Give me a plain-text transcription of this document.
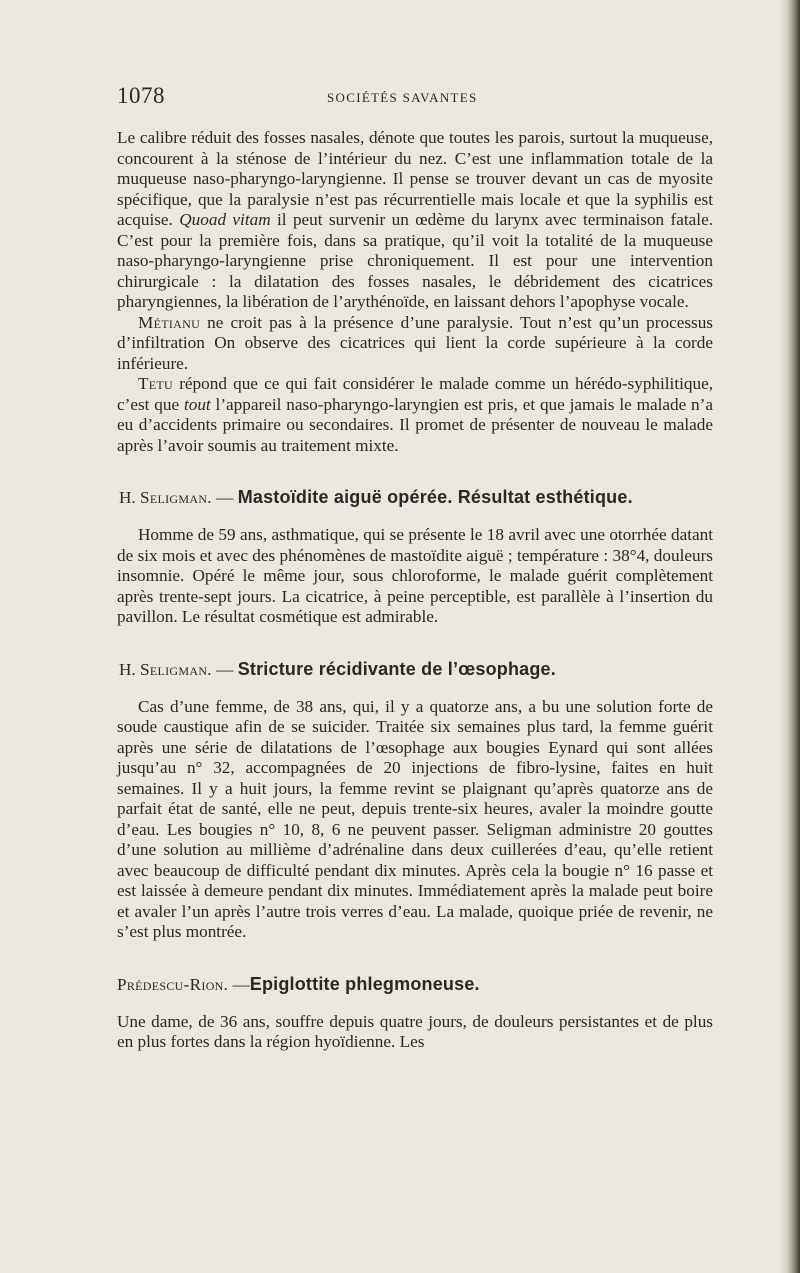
1078	SOCIÉTÉS SAVANTES

Le calibre réduit des fosses nasales, dénote que toutes les parois, surtout la muqueuse, concourent à la sténose de l’intérieur du nez. C’est une inflammation totale de la muqueuse naso-pharyngo-laryngienne. Il pense se trouver devant un cas de myosite spécifique, que la paralysie n’est pas récurrentielle mais locale et que la syphilis est acquise. Quoad vitam il peut survenir un œdème du larynx avec terminaison fatale. C’est pour la première fois, dans sa pratique, qu’il voit la totalité de la muqueuse naso-pharyngo-laryngienne prise chroniquement. Il est pour une intervention chirurgicale : la dilatation des fosses nasales, le débridement des cicatrices pharyngiennes, la libération de l’arythénoïde, en laissant dehors l’apophyse vocale.

Métianu ne croit pas à la présence d’une paralysie. Tout n’est qu’un processus d’infiltration On observe des cicatrices qui lient la corde supérieure à la corde inférieure.

Tetu répond que ce qui fait considérer le malade comme un hérédo-syphilitique, c’est que tout l’appareil naso-pharyngo-laryngien est pris, et que jamais le malade n’a eu d’accidents primaire ou secondaires. Il promet de présenter de nouveau le malade après l’avoir soumis au traitement mixte.

H. Seligman. — Mastoïdite aiguë opérée. Résultat esthétique.

Homme de 59 ans, asthmatique, qui se présente le 18 avril avec une otorrhée datant de six mois et avec des phénomènes de mastoïdite aiguë ; température : 38°4, douleurs insomnie. Opéré le même jour, sous chloroforme, le malade guérit complètement après trente-sept jours. La cicatrice, à peine perceptible, est parallèle à l’insertion du pavillon. Le résultat cosmétique est admirable.

H. Seligman. — Stricture récidivante de l’œsophage.

Cas d’une femme, de 38 ans, qui, il y a quatorze ans, a bu une solution forte de soude caustique afin de se suicider. Traitée six semaines plus tard, la femme guérit après une série de dilatations de l’œsophage aux bougies Eynard qui sont allées jusqu’au n° 32, accompagnées de 20 injections de fibro-lysine, faites en huit semaines. Il y a huit jours, la femme revint se plaignant qu’après quatorze ans de parfait état de santé, elle ne peut, depuis trente-six heures, avaler la moindre goutte d’eau. Les bougies n° 10, 8, 6 ne peuvent passer. Seligman administre 20 gouttes d’une solution au millième d’adrénaline dans deux cuillerées d’eau, qu’elle retient avec beaucoup de difficulté pendant dix minutes. Après cela la bougie n° 16 passe et est laissée à demeure pendant dix minutes. Immédiatement après la malade peut boire et avaler l’un après l’autre trois verres d’eau. La malade, quoique priée de revenir, ne s’est plus montrée.

Prédescu-Rion. —Epiglottite phlegmoneuse.

Une dame, de 36 ans, souffre depuis quatre jours, de douleurs persistantes et de plus en plus fortes dans la région hyoïdienne. Les
